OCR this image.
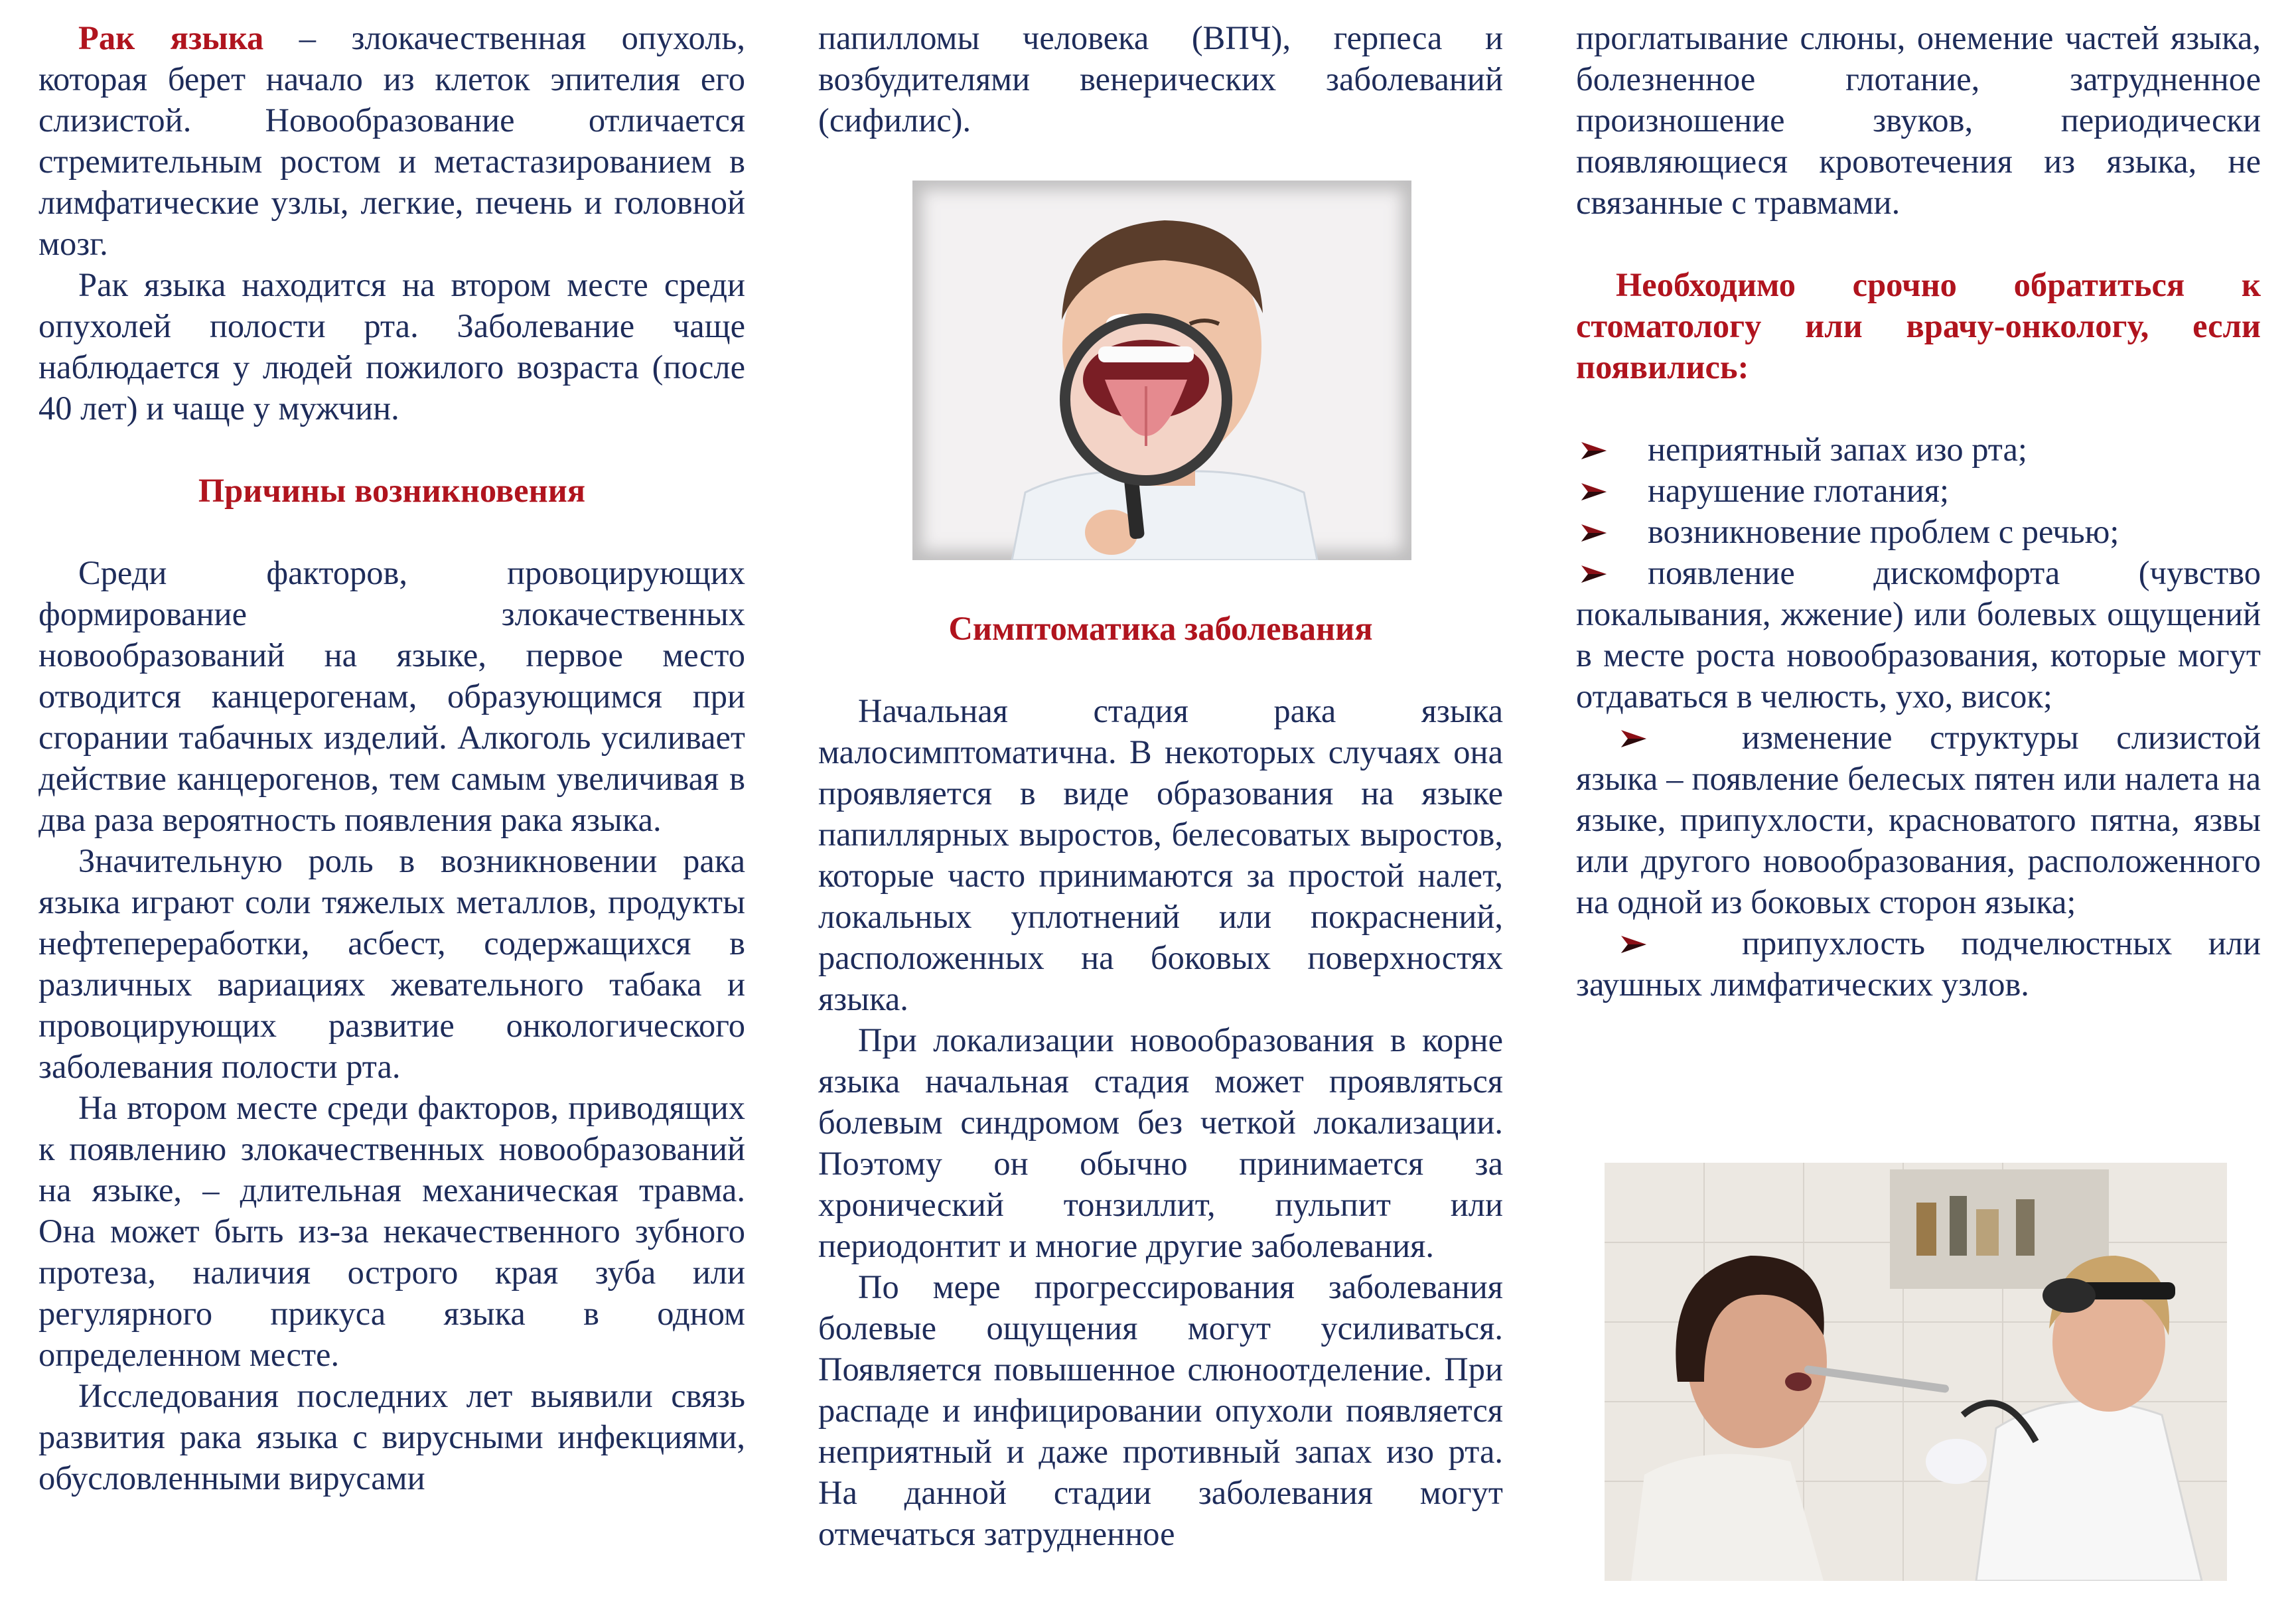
Рак языка – злокачественная опухоль, которая берет начало из клеток эпителия его слизистой. Новообразование отличается стремительным ростом и метастазированием в лимфатические узлы, легкие, печень и головной мозг.

Рак языка находится на втором месте среди опухолей полости рта. Заболевание чаще наблюдается у людей пожилого возраста (после 40 лет) и чаще у мужчин.

Причины возникновения

Среди факторов, провоцирующих формирование злокачественных новообразований на языке, первое место отводится канцерогенам, образующимся при сгорании табачных изделий. Алкоголь усиливает действие канцерогенов, тем самым увеличивая в два раза вероятность появления рака языка.

Значительную роль в возникновении рака языка играют соли тяжелых металлов, продукты нефтепереработки, асбест, содержащихся в различных вариациях жевательного табака и провоцирующих развитие онкологического заболевания полости рта.

На втором месте среди факторов, приводящих к появлению злокачественных новообразований на языке, – длительная механическая травма. Она может быть из-за некачественного зубного протеза, наличия острого края зуба или регулярного прикуса языка в одном определенном месте.

Исследования последних лет выявили связь развития рака языка с вирусными инфекциями, обусловленными вирусами

папилломы человека (ВПЧ), герпеса и возбудителями венерических заболеваний (сифилис).

Симптоматика заболевания

Начальная стадия рака языка малосимптоматична. В некоторых случаях она проявляется в виде образования на языке папиллярных выростов, белесоватых выростов, которые часто принимаются за простой налет, локальных уплотнений или покраснений, расположенных на боковых поверхностях языка.

При локализации новообразования в корне языка начальная стадия может проявляться болевым синдромом без четкой локализации. Поэтому он обычно принимается за хронический тонзиллит, пульпит или периодонтит и многие другие заболевания.

По мере прогрессирования заболевания болевые ощущения могут усиливаться. Появляется повышенное слюноотделение. При распаде и инфицировании опухоли появляется неприятный и даже противный запах изо рта. На данной стадии заболевания могут отмечаться затрудненное

проглатывание слюны, онемение частей языка, болезненное глотание, затрудненное произношение звуков, периодически появляющиеся кровотечения из языка, не связанные с травмами.

Необходимо срочно обратиться к стоматологу или врачу-онкологу, если появились:

неприятный запах изо рта;
нарушение глотания;
возникновение проблем с речью;
появление дискомфорта (чувство покалывания, жжение) или болевых ощущений в месте роста новообразования, которые могут отдаваться в челюсть, ухо, висок;
изменение структуры слизистой языка – появление белесых пятен или налета на языке, припухлости, красноватого пятна, язвы или другого новообразования, расположенного на одной из боковых сторон языка;
припухлость подчелюстных или заушных лимфатических узлов.
